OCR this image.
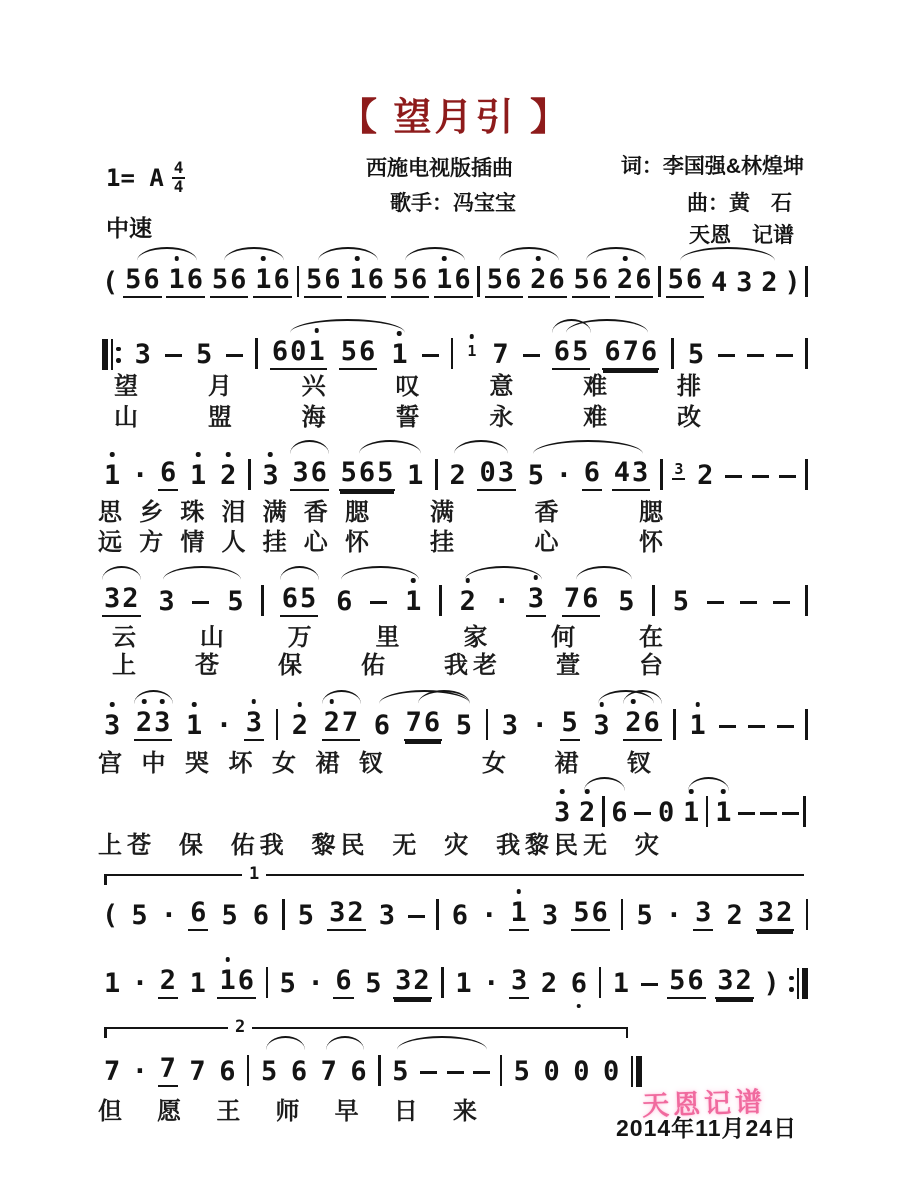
【 望月引 】
西施电视版插曲	词：李国强&林煌坤
歌手：冯宝宝	曲：黄　石
天恩　记谱
1= A $\frac{4}{4}$
中速
( 5 6 1 6 5 6 1 6 5 6 1 6 5 6 1 6 5 6 2 6 5 6 2 6 5 6 4 3 2 )
3 5 6 0 1 5 6 1	1 7 6 5 6 7 6 5
1 · 6 1 2 3 3 6 5 6 5 1 2 0 3 5 · 6 4 3 3 2
3 2 3 5 6 5 6 1 2 · 3 7 6 5 5
3 2 3 1 · 3 2 2 7 6 7 6 5 3 · 5 3 2 6 1
3 2 6 0 1 1
( 5 · 6 5 6 5 3 2 3 6 · 1 3 5 6 5 · 3 2 3 2
1 · 2 1 1 6 5 · 6 5 3 2 1 · 3 2 6 1 5 6 3 2 )
7 · 7 7 6 5 6 7 6 5	5 0 0 0
1
2
望	月	兴	叹	意	难	排
山	盟	海	誓	永	难	改
思 乡 珠 泪 满 香 腮 满	香	腮
远 方 情 人 挂 心 怀 挂	心	怀
云 山 万 里 家 何 在
上 苍 保 佑 我老 萱 台
宫 中 哭 坏 女 裙 钗	女 裙 钗
上苍 保 佑我 黎民 无 灾 我黎民无 灾
但 愿 王 师 早 日 来	天恩记谱
2014年11月24日
